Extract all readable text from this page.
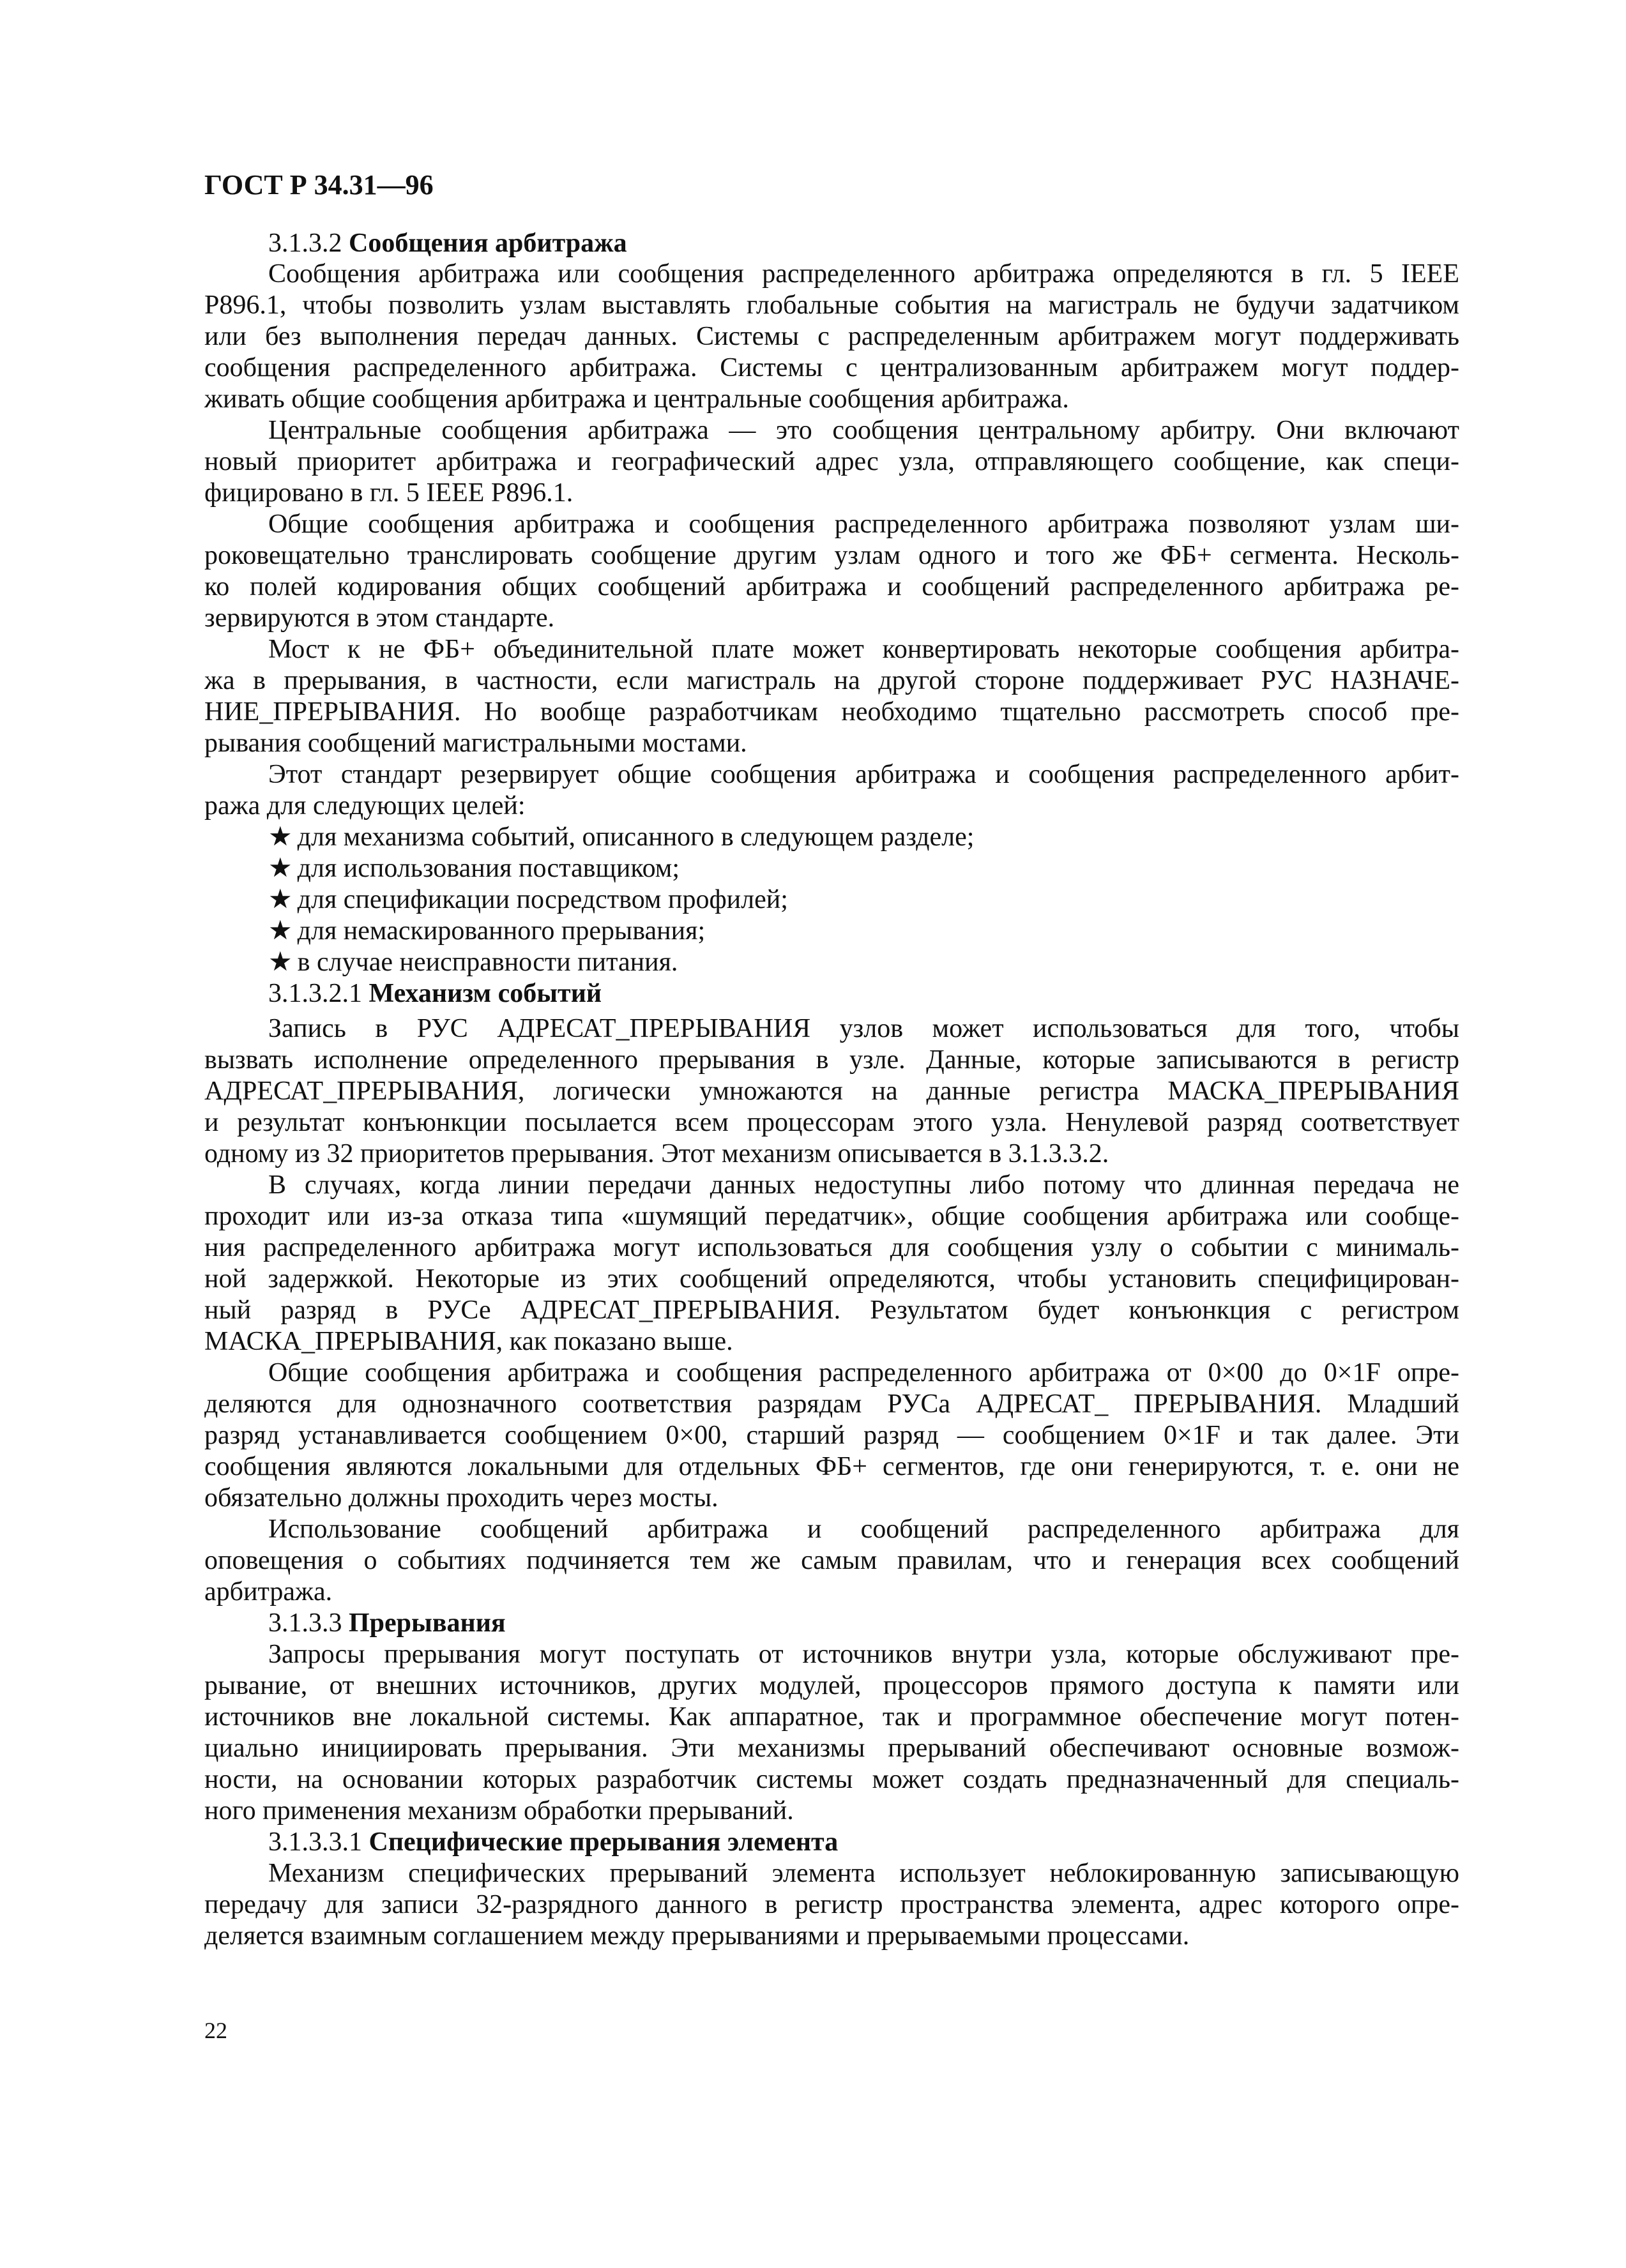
ГОСТ Р 34.31—96
3.1.3.2 Сообщения арбитража
Сообщения арбитража или сообщения распределенного арбитража определяются в гл. 5 IEEE
P896.1, чтобы позволить узлам выставлять глобальные события на магистраль не будучи задатчиком
или без выполнения передач данных. Системы с распределенным арбитражем могут поддерживать
сообщения распределенного арбитража. Системы с централизованным арбитражем могут поддер-
живать общие сообщения арбитража и центральные сообщения арбитража.
Центральные сообщения арбитража — это сообщения центральному арбитру. Они включают
новый приоритет арбитража и географический адрес узла, отправляющего сообщение, как специ-
фицировано в гл. 5 IEEE P896.1.
Общие сообщения арбитража и сообщения распределенного арбитража позволяют узлам ши-
роковещательно транслировать сообщение другим узлам одного и того же ФБ+ сегмента. Несколь-
ко полей кодирования общих сообщений арбитража и сообщений распределенного арбитража ре-
зервируются в этом стандарте.
Мост к не ФБ+ объединительной плате может конвертировать некоторые сообщения арбитра-
жа в прерывания, в частности, если магистраль на другой стороне поддерживает РУС НАЗНАЧЕ-
НИЕ_ПРЕРЫВАНИЯ. Но вообще разработчикам необходимо тщательно рассмотреть способ пре-
рывания сообщений магистральными мостами.
Этот стандарт резервирует общие сообщения арбитража и сообщения распределенного арбит-
ража для следующих целей:
★ для механизма событий, описанного в следующем разделе;
★ для использования поставщиком;
★ для спецификации посредством профилей;
★ для немаскированного прерывания;
★ в случае неисправности питания.
3.1.3.2.1 Механизм событий
Запись в РУС АДРЕСАТ_ПРЕРЫВАНИЯ узлов может использоваться для того, чтобы
вызвать исполнение определенного прерывания в узле. Данные, которые записываются в регистр
АДРЕСАТ_ПРЕРЫВАНИЯ, логически умножаются на данные регистра МАСКА_ПРЕРЫВАНИЯ
и результат конъюнкции посылается всем процессорам этого узла. Ненулевой разряд соответствует
одному из 32 приоритетов прерывания. Этот механизм описывается в 3.1.3.3.2.
В случаях, когда линии передачи данных недоступны либо потому что длинная передача не
проходит или из-за отказа типа «шумящий передатчик», общие сообщения арбитража или сообще-
ния распределенного арбитража могут использоваться для сообщения узлу о событии с минималь-
ной задержкой. Некоторые из этих сообщений определяются, чтобы установить специфицирован-
ный разряд в РУСе АДРЕСАТ_ПРЕРЫВАНИЯ. Результатом будет конъюнкция с регистром
МАСКА_ПРЕРЫВАНИЯ, как показано выше.
Общие сообщения арбитража и сообщения распределенного арбитража от 0×00 до 0×1F опре-
деляются для однозначного соответствия разрядам РУСа АДРЕСАТ_ ПРЕРЫВАНИЯ. Младший
разряд устанавливается сообщением 0×00, старший разряд — сообщением 0×1F и так далее. Эти
сообщения являются локальными для отдельных ФБ+ сегментов, где они генерируются, т. е. они не
обязательно должны проходить через мосты.
Использование сообщений арбитража и сообщений распределенного арбитража для
оповещения о событиях подчиняется тем же самым правилам, что и генерация всех сообщений
арбитража.
3.1.3.3 Прерывания
Запросы прерывания могут поступать от источников внутри узла, которые обслуживают пре-
рывание, от внешних источников, других модулей, процессоров прямого доступа к памяти или
источников вне локальной системы. Как аппаратное, так и программное обеспечение могут потен-
циально инициировать прерывания. Эти механизмы прерываний обеспечивают основные возмож-
ности, на основании которых разработчик системы может создать предназначенный для специаль-
ного применения механизм обработки прерываний.
3.1.3.3.1 Специфические прерывания элемента
Механизм специфических прерываний элемента использует неблокированную записывающую
передачу для записи 32-разрядного данного в регистр пространства элемента, адрес которого опре-
деляется взаимным соглашением между прерываниями и прерываемыми процессами.
22
